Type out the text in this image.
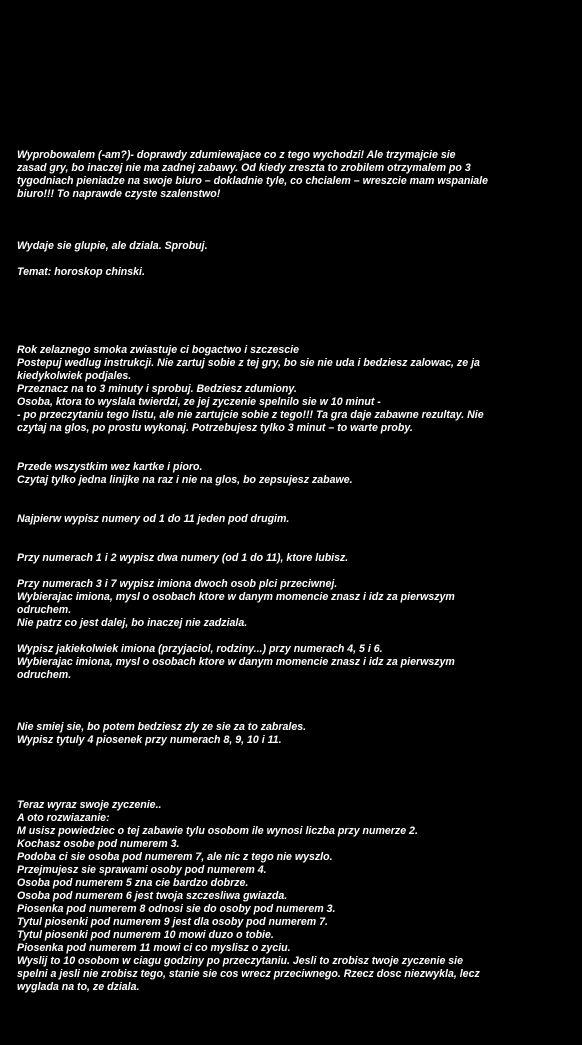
Wyprobowalem (-am?)- doprawdy zdumiewajace co z tego wychodzi! Ale trzymajcie sie
zasad gry, bo inaczej nie ma zadnej zabawy. Od kiedy zreszta to zrobilem otrzymalem po 3
tygodniach pieniadze na swoje biuro – dokladnie tyle, co chcialem – wreszcie mam wspaniale
biuro!!! To naprawde czyste szalenstwo!

Wydaje sie glupie, ale dziala. Sprobuj.

Temat: horoskop chinski.

Rok zelaznego smoka zwiastuje ci bogactwo i szczescie
Postepuj wedlug instrukcji. Nie zartuj sobie z tej gry, bo sie nie uda i bedziesz zalowac, ze ja
kiedykolwiek podjales.
Przeznacz na to 3 minuty i sprobuj. Bedziesz zdumiony.
Osoba, ktora to wyslala twierdzi, ze jej zyczenie spelnilo sie w 10 minut -
- po przeczytaniu tego listu, ale nie zartujcie sobie z tego!!! Ta gra daje zabawne rezultay. Nie
czytaj na glos, po prostu wykonaj. Potrzebujesz tylko 3 minut – to warte proby.

Przede wszystkim wez kartke i pioro.
Czytaj tylko jedna linijke na raz i nie na glos, bo zepsujesz zabawe.

Najpierw wypisz numery od 1 do 11 jeden pod drugim.

Przy numerach 1 i 2 wypisz dwa numery (od 1 do 11), ktore lubisz.

Przy numerach 3 i 7 wypisz imiona dwoch osob plci przeciwnej.
Wybierajac imiona, mysl o osobach ktore w danym momencie znasz i idz za pierwszym
odruchem.
Nie patrz co jest dalej, bo inaczej nie zadziala.

Wypisz jakiekolwiek imiona (przyjaciol, rodziny...) przy numerach 4, 5 i 6.
Wybierajac imiona, mysl o osobach ktore w danym momencie znasz i idz za pierwszym
odruchem.

Nie smiej sie, bo potem bedziesz zly ze sie za to zabrales.
Wypisz tytuly 4 piosenek przy numerach 8, 9, 10 i 11.

Teraz wyraz swoje zyczenie..
A oto rozwiazanie:
M usisz powiedziec o tej zabawie tylu osobom ile wynosi liczba przy numerze 2.
Kochasz osobe pod numerem 3.
Podoba ci sie osoba pod numerem 7, ale nic z tego nie wyszlo.
Przejmujesz sie sprawami osoby pod numerem 4.
Osoba pod numerem 5 zna cie bardzo dobrze.
Osoba pod numerem 6 jest twoja szczesliwa gwiazda.
Piosenka pod numerem 8 odnosi sie do osoby pod numerem 3.
Tytul piosenki pod numerem 9 jest dla osoby pod numerem 7.
Tytul piosenki pod numerem 10 mowi duzo o tobie.
Piosenka pod numerem 11 mowi ci co myslisz o zyciu.
Wyslij to 10 osobom w ciagu godziny po przeczytaniu. Jesli to zrobisz twoje zyczenie sie
spelni a jesli nie zrobisz tego, stanie sie cos wrecz przeciwnego. Rzecz dosc niezwykla, lecz
wyglada na to, ze dziala.
